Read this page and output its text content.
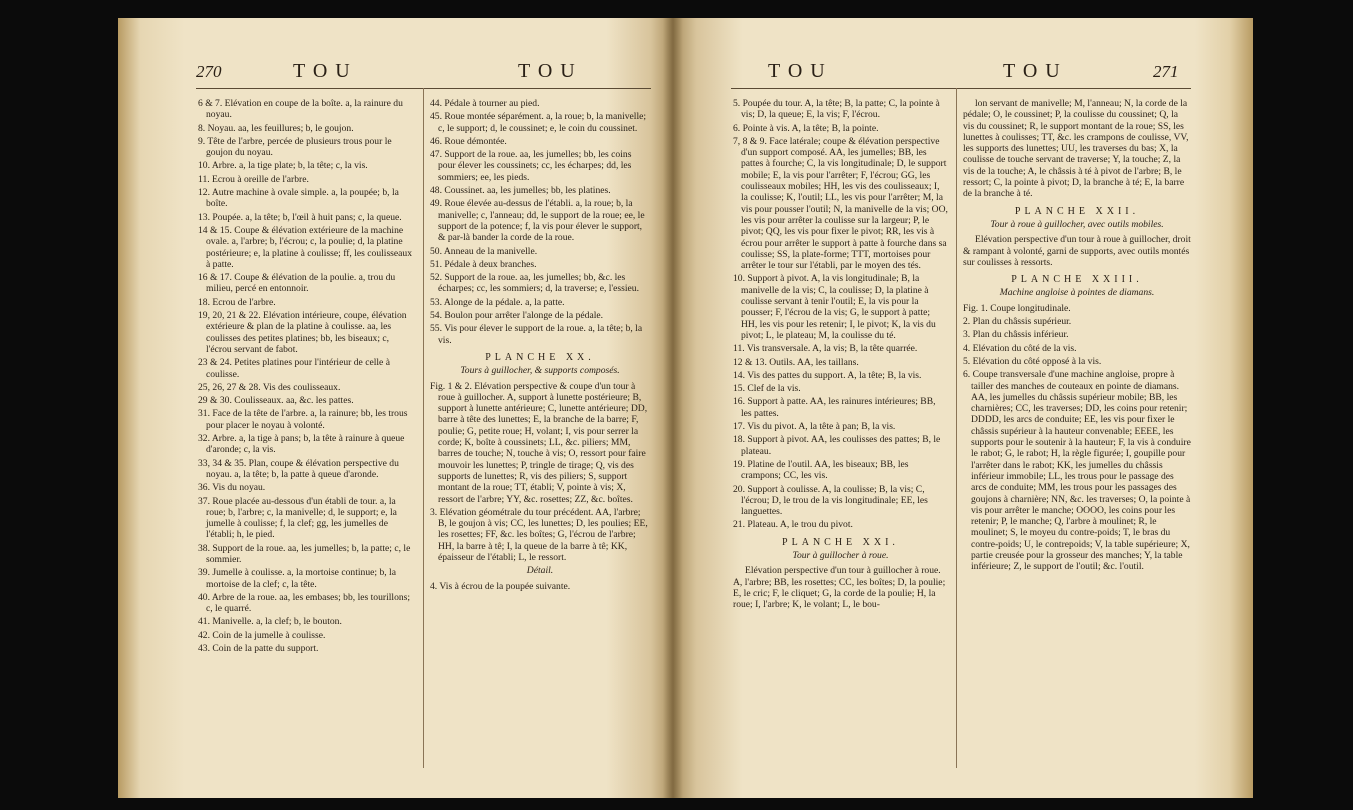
270	TOU	TOU

6 & 7. Elévation en coupe de la boîte. a, la rainure du noyau.

8. Noyau. aa, les feuillures; b, le goujon.

9. Tête de l'arbre, percée de plusieurs trous pour le goujon du noyau.

10. Arbre. a, la tige plate; b, la tête; c, la vis.

11. Ecrou à oreille de l'arbre.

12. Autre machine à ovale simple. a, la poupée; b, la boîte.

13. Poupée. a, la tête; b, l'œil à huit pans; c, la queue.

14 & 15. Coupe & élévation extérieure de la machine ovale. a, l'arbre; b, l'écrou; c, la poulie; d, la platine postérieure; e, la platine à coulisse; ff, les coulisseaux à patte.

16 & 17. Coupe & élévation de la poulie. a, trou du milieu, percé en entonnoir.

18. Ecrou de l'arbre.

19, 20, 21 & 22. Elévation intérieure, coupe, élévation extérieure & plan de la platine à coulisse. aa, les coulisses des petites platines; bb, les biseaux; c, l'écrou servant de fabot.

23 & 24. Petites platines pour l'intérieur de celle à coulisse.

25, 26, 27 & 28. Vis des coulisseaux.

29 & 30. Coulisseaux. aa, &c. les pattes.

31. Face de la tête de l'arbre. a, la rainure; bb, les trous pour placer le noyau à volonté.

32. Arbre. a, la tige à pans; b, la tête à rainure à queue d'aronde; c, la vis.

33, 34 & 35. Plan, coupe & élévation perspective du noyau. a, la tête; b, la patte à queue d'aronde.

36. Vis du noyau.

37. Roue placée au-dessous d'un établi de tour. a, la roue; b, l'arbre; c, la manivelle; d, le support; e, la jumelle à coulisse; f, la clef; gg, les jumelles de l'établi; h, le pied.

38. Support de la roue. aa, les jumelles; b, la patte; c, le sommier.

39. Jumelle à coulisse. a, la mortoise continue; b, la mortoise de la clef; c, la tête.

40. Arbre de la roue. aa, les embases; bb, les tourillons; c, le quarré.

41. Manivelle. a, la clef; b, le bouton.

42. Coin de la jumelle à coulisse.

43. Coin de la patte du support.

44. Pédale à tourner au pied.

45. Roue montée séparément. a, la roue; b, la manivelle; c, le support; d, le coussinet; e, le coin du coussinet.

46. Roue démontée.

47. Support de la roue. aa, les jumelles; bb, les coins pour élever les coussinets; cc, les écharpes; dd, les sommiers; ee, les pieds.

48. Coussinet. aa, les jumelles; bb, les platines.

49. Roue élevée au-dessus de l'établi. a, la roue; b, la manivelle; c, l'anneau; dd, le support de la roue; ee, le support de la potence; f, la vis pour élever le support, & par-là bander la corde de la roue.

50. Anneau de la manivelle.

51. Pédale à deux branches.

52. Support de la roue. aa, les jumelles; bb, &c. les écharpes; cc, les sommiers; d, la traverse; e, l'essieu.

53. Alonge de la pédale. a, la patte.

54. Boulon pour arrêter l'alonge de la pédale.

55. Vis pour élever le support de la roue. a, la tête; b, la vis.

PLANCHE XX.

Tours à guillocher, & supports composés.

Fig. 1 & 2. Elévation perspective & coupe d'un tour à roue à guillocher. A, support à lunette postérieure; B, support à lunette antérieure; C, lunette antérieure; DD, barre à tête des lunettes; E, la branche de la barre; F, poulie; G, petite roue; H, volant; I, vis pour serrer la corde; K, boîte à coussinets; LL, &c. piliers; MM, barres de touche; N, touche à vis; O, ressort pour faire mouvoir les lunettes; P, tringle de tirage; Q, vis des supports de lunettes; R, vis des piliers; S, support montant de la roue; TT, établi; V, pointe à vis; X, ressort de l'arbre; YY, &c. rosettes; ZZ, &c. boîtes.

3. Elévation géométrale du tour précédent. AA, l'arbre; B, le goujon à vis; CC, les lunettes; D, les poulies; EE, les rosettes; FF, &c. les boîtes; G, l'écrou de l'arbre; HH, la barre à tê; I, la queue de la barre à tê; KK, épaisseur de l'établi; L, le ressort.

Détail.

4. Vis à écrou de la poupée suivante.

TOU	TOU	271

5. Poupée du tour. A, la tête; B, la patte; C, la pointe à vis; D, la queue; E, la vis; F, l'écrou.

6. Pointe à vis. A, la tête; B, la pointe.

7, 8 & 9. Face latérale; coupe & élévation perspective d'un support composé. AA, les jumelles; BB, les pattes à fourche; C, la vis longitudinale; D, le support mobile; E, la vis pour l'arrêter; F, l'écrou; GG, les coulisseaux mobiles; HH, les vis des coulisseaux; I, la coulisse; K, l'outil; LL, les vis pour l'arrêter; M, la vis pour pousser l'outil; N, la manivelle de la vis; OO, les vis pour arrêter la coulisse sur la largeur; P, le pivot; QQ, les vis pour fixer le pivot; RR, les vis à écrou pour arrêter le support à patte à fourche dans sa coulisse; SS, la plate-forme; TTT, mortoises pour arrêter le tour sur l'établi, par le moyen des tés.

10. Support à pivot. A, la vis longitudinale; B, la manivelle de la vis; C, la coulisse; D, la platine à coulisse servant à tenir l'outil; E, la vis pour la pousser; F, l'écrou de la vis; G, le support à patte; HH, les vis pour les retenir; I, le pivot; K, la vis du pivot; L, le plateau; M, la coulisse du té.

11. Vis transversale. A, la vis; B, la tête quarrée.

12 & 13. Outils. AA, les taillans.

14. Vis des pattes du support. A, la tête; B, la vis.

15. Clef de la vis.

16. Support à patte. AA, les rainures intérieures; BB, les pattes.

17. Vis du pivot. A, la tête à pan; B, la vis.

18. Support à pivot. AA, les coulisses des pattes; B, le plateau.

19. Platine de l'outil. AA, les biseaux; BB, les crampons; CC, les vis.

20. Support à coulisse. A, la coulisse; B, la vis; C, l'écrou; D, le trou de la vis longitudinale; EE, les languettes.

21. Plateau. A, le trou du pivot.

PLANCHE XXI.

Tour à guillocher à roue.

Elévation perspective d'un tour à guillocher à roue. A, l'arbre; BB, les rosettes; CC, les boîtes; D, la poulie; E, le cric; F, le cliquet; G, la corde de la poulie; H, la roue; I, l'arbre; K, le volant; L, le bou-

lon servant de manivelle; M, l'anneau; N, la corde de la pédale; O, le coussinet; P, la coulisse du coussinet; Q, la vis du coussinet; R, le support montant de la roue; SS, les lunettes à coulisses; TT, &c. les crampons de coulisse, VV, les supports des lunettes; UU, les traverses du bas; X, la coulisse de touche servant de traverse; Y, la touche; Z, la vis de la touche; A, le châssis à té à pivot de l'arbre; B, le ressort; C, la pointe à pivot; D, la branche à té; E, la barre de la branche à té.

PLANCHE XXII.

Tour à roue à guillocher, avec outils mobiles.

Elévation perspective d'un tour à roue à guillocher, droit & rampant à volonté, garni de supports, avec outils montés sur coulisses à ressorts.

PLANCHE XXIII.

Machine angloise à pointes de diamans.

Fig. 1. Coupe longitudinale.

2. Plan du châssis supérieur.

3. Plan du châssis inférieur.

4. Elévation du côté de la vis.

5. Elévation du côté opposé à la vis.

6. Coupe transversale d'une machine angloise, propre à tailler des manches de couteaux en pointe de diamans. AA, les jumelles du châssis supérieur mobile; BB, les charnières; CC, les traverses; DD, les coins pour retenir; DDDD, les arcs de conduite; EE, les vis pour fixer le châssis supérieur à la hauteur convenable; EEEE, les supports pour le soutenir à la hauteur; F, la vis à conduire le rabot; G, le rabot; H, la règle figurée; I, goupille pour l'arrêter dans le rabot; KK, les jumelles du châssis inférieur immobile; LL, les trous pour le passage des arcs de conduite; MM, les trous pour les passages des goujons à charnière; NN, &c. les traverses; O, la pointe à vis pour arrêter le manche; OOOO, les coins pour les retenir; P, le manche; Q, l'arbre à moulinet; R, le moulinet; S, le moyeu du contre-poids; T, le bras du contre-poids; U, le contrepoids; V, la table supérieure; X, partie creusée pour la grosseur des manches; Y, la table inférieure; Z, le support de l'outil; &c. l'outil.
